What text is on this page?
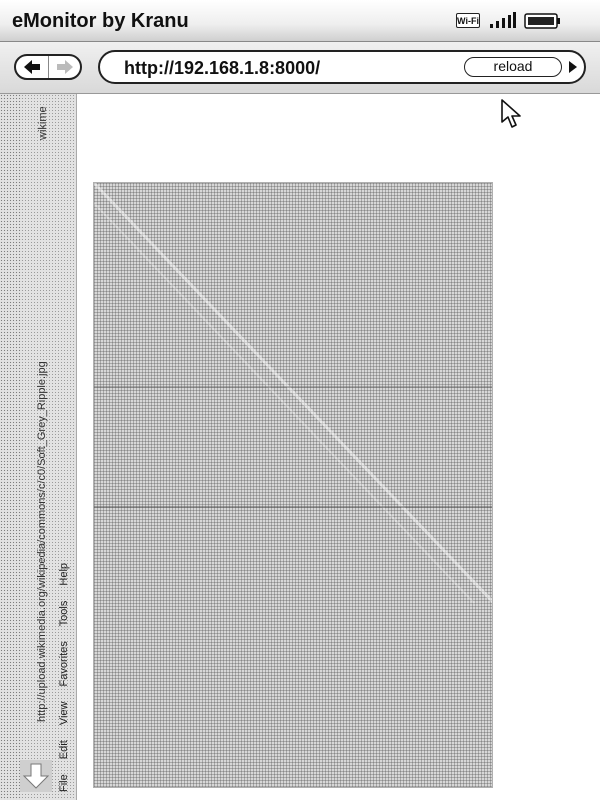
eMonitor by Kranu	Wi-Fi
http://192.168.1.8:8000/	reload
wikime
http://upload.wikimedia.org/wikipedia/commons/c/c0/Soft_Grey_Ripple.jpg
File Edit View Favorites Tools Help
